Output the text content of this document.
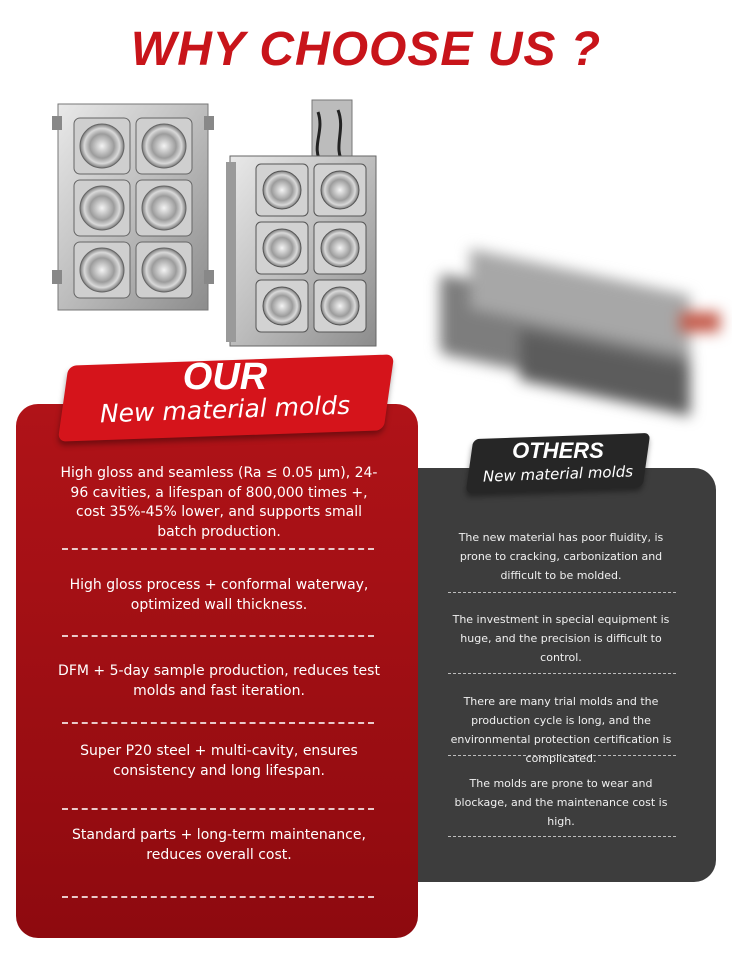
WHY CHOOSE US ?
OUR
New material molds
OTHERS
New material molds
High gloss and seamless (Ra ≤ 0.05 μm), 24-96 cavities, a lifespan of 800,000 times +, cost 35%-45% lower, and supports small batch production.
High gloss process + conformal waterway, optimized wall thickness.
DFM + 5-day sample production, reduces test molds and fast iteration.
Super P20 steel + multi-cavity, ensures consistency and long lifespan.
Standard parts + long-term maintenance, reduces overall cost.
The new material has poor fluidity, is prone to cracking, carbonization and difficult to be molded.
The investment in special equipment is huge, and the precision is difficult to control.
There are many trial molds and the production cycle is long, and the environmental protection certification is complicated.
The molds are prone to wear and blockage, and the maintenance cost is high.
